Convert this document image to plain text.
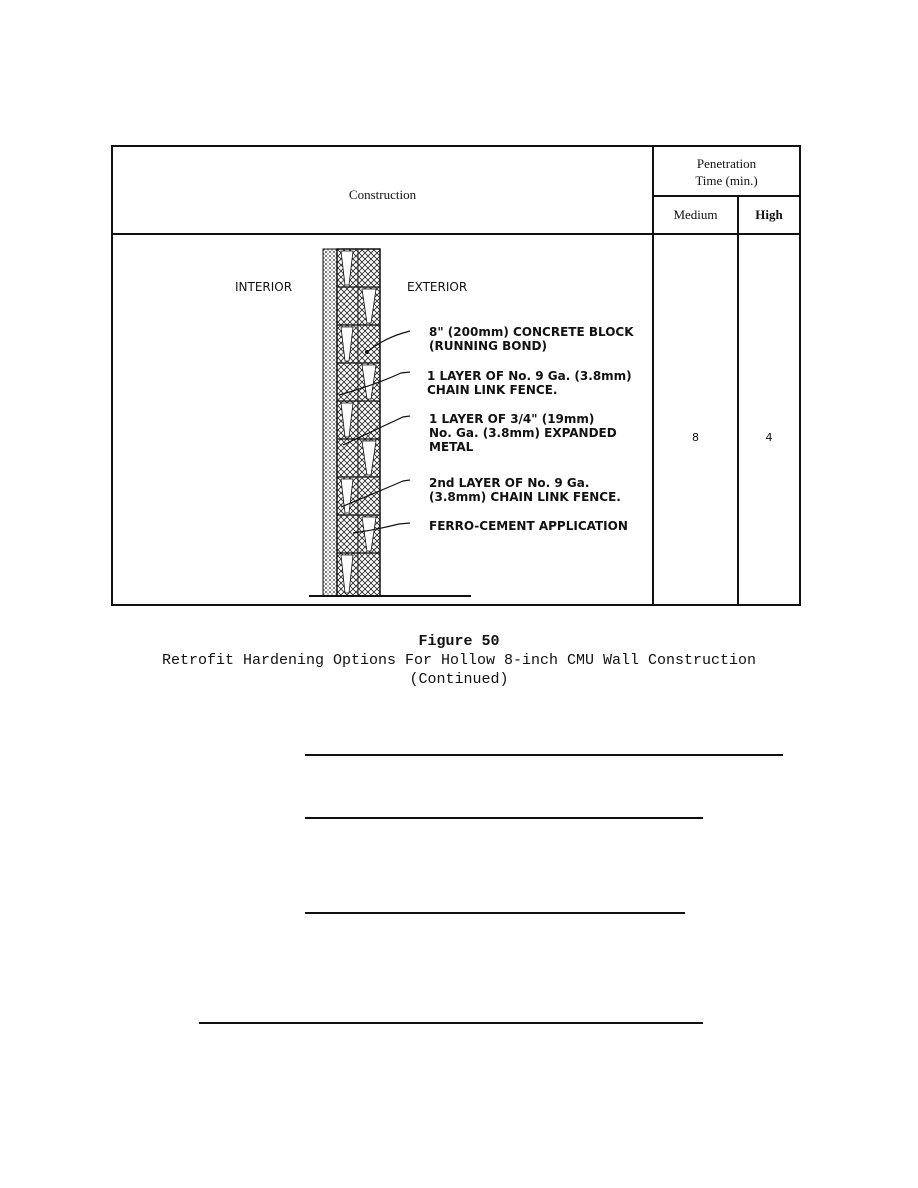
Construction
Penetration
Time (min.)
Medium	High
8	4
INTERIOR	EXTERIOR
8" (200mm) CONCRETE BLOCK
(RUNNING BOND)
1 LAYER OF No. 9 Ga. (3.8mm)
CHAIN LINK FENCE.
1 LAYER OF 3/4" (19mm)
No. Ga. (3.8mm) EXPANDED
METAL
2nd LAYER OF No. 9 Ga.
(3.8mm) CHAIN LINK FENCE.
FERRO-CEMENT APPLICATION
Figure 50
Retrofit Hardening Options For Hollow 8-inch CMU Wall Construction
(Continued)
